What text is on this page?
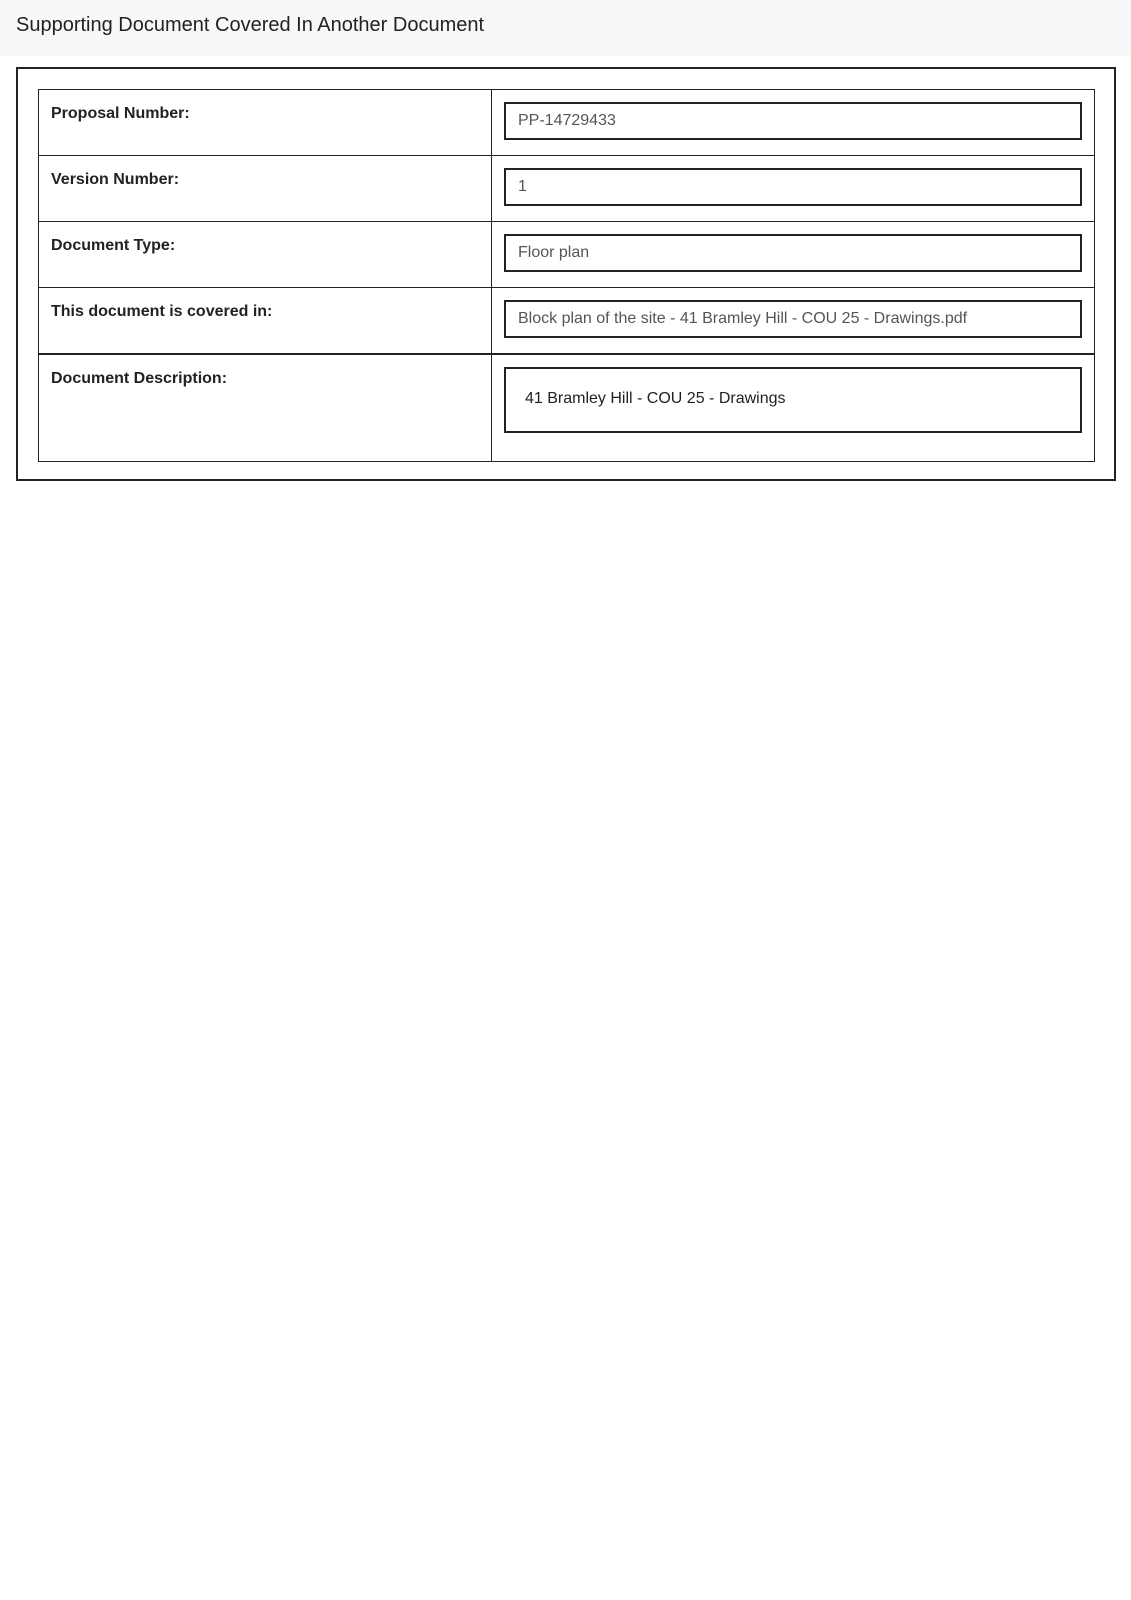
Supporting Document Covered In Another Document
Proposal Number:	PP-14729433

Version Number:	1

Document Type:	Floor plan

This document is covered in:	Block plan of the site - 41 Bramley Hill - COU 25 - Drawings.pdf

Document Description:	41 Bramley Hill - COU 25 - Drawings
